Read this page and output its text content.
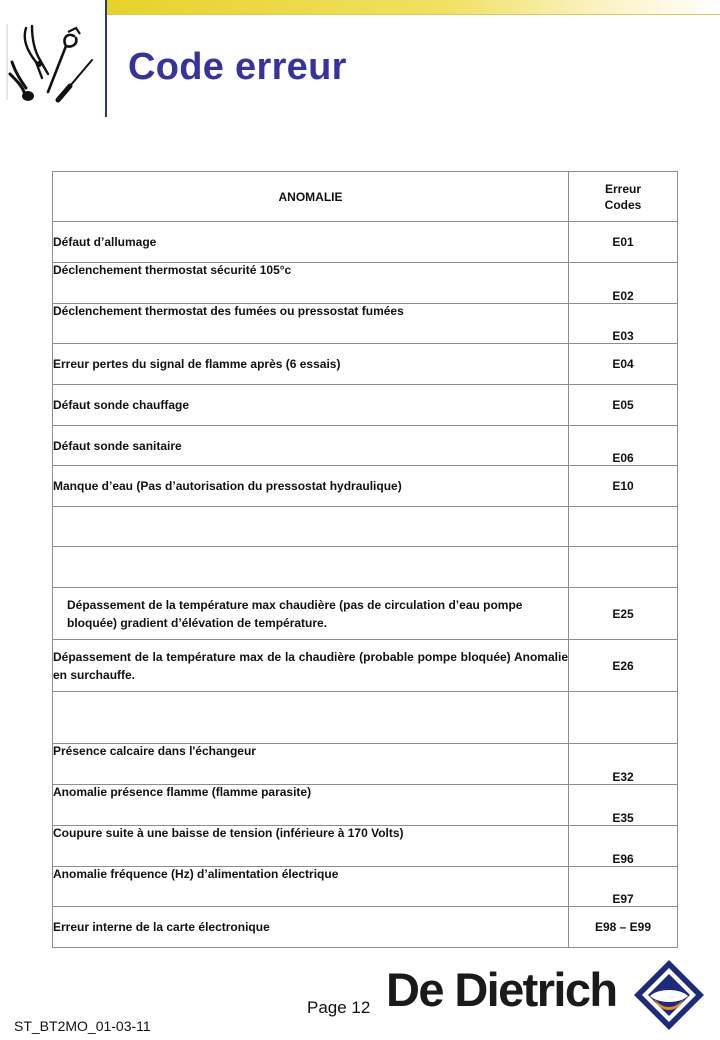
Code erreur
ANOMALIE	Erreur
Codes

Défaut d’allumage	E01
Déclenchement thermostat sécurité 105°c	E02
Déclenchement thermostat des fumées ou pressostat fumées	E03
Erreur pertes du signal de flamme après (6 essais)	E04
Défaut sonde chauffage	E05
Défaut sonde sanitaire	E06
Manque d’eau (Pas d’autorisation du pressostat hydraulique)	E10

Dépassement de la température max chaudière (pas de circulation d’eau pompe bloquée) gradient d’élévation de température.	E25
Dépassement de la température max de la chaudière (probable pompe bloquée) Anomalie en surchauffe.	E26

Présence calcaire dans l'échangeur	E32
Anomalie présence flamme (flamme parasite)	E35
Coupure suite à une baisse de tension (inférieure à 170 Volts)	E96
Anomalie fréquence (Hz) d’alimentation électrique	E97
Erreur interne de la carte électronique	E98 – E99
Page 12
ST_BT2MO_01-03-11
De Dietrich
